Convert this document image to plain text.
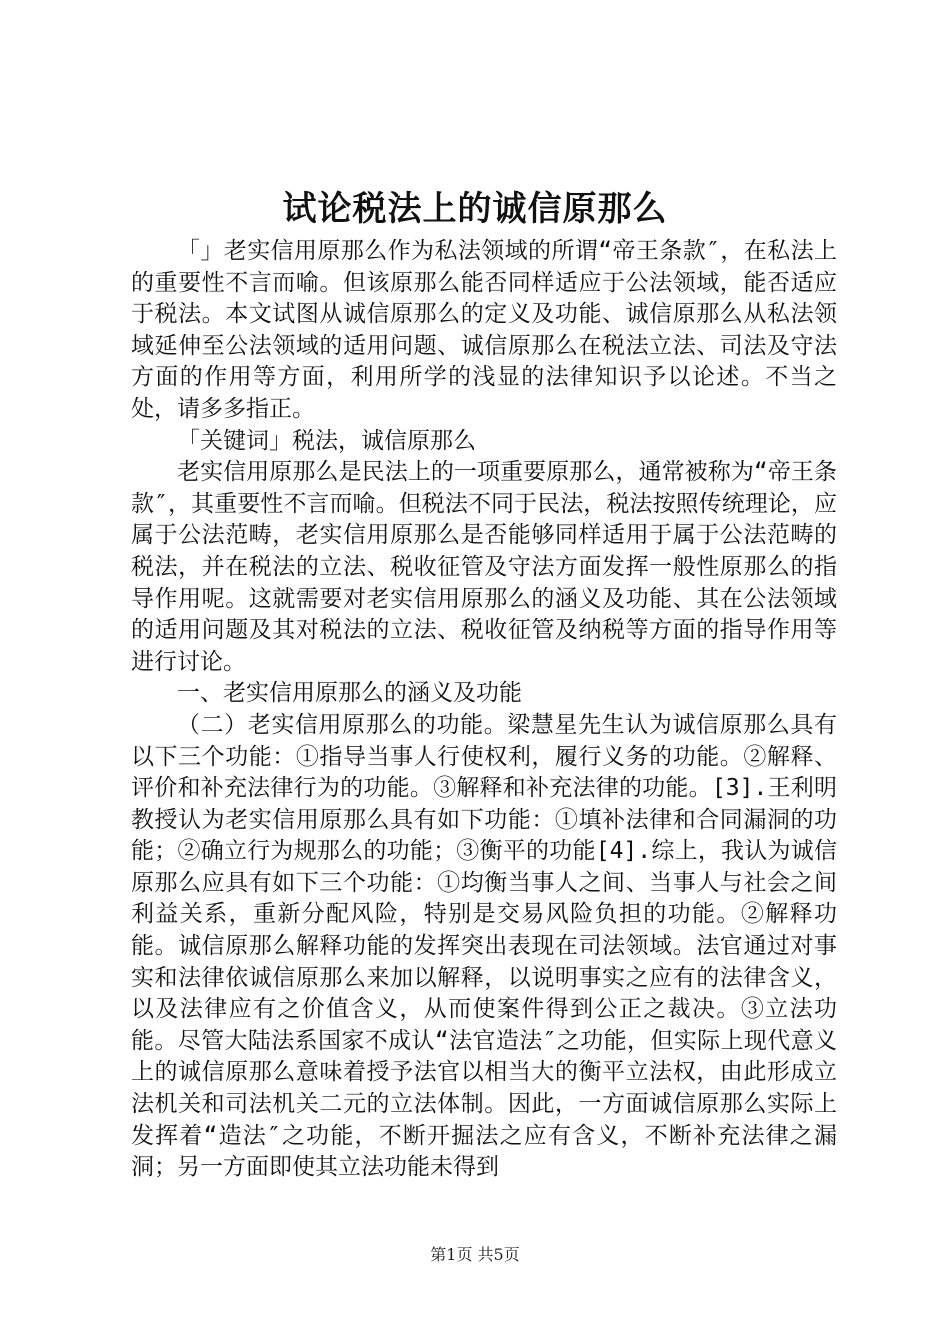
试论税法上的诚信原那么

「」老实信用原那么作为私法领域的所谓“帝王条款″，在私法上的重要性不言而喻。但该原那么能否同样适应于公法领域，能否适应于税法。本文试图从诚信原那么的定义及功能、诚信原那么从私法领域延伸至公法领域的适用问题、诚信原那么在税法立法、司法及守法方面的作用等方面，利用所学的浅显的法律知识予以论述。不当之处，请多多指正。

「关键词」税法，诚信原那么

老实信用原那么是民法上的一项重要原那么，通常被称为“帝王条款″，其重要性不言而喻。但税法不同于民法，税法按照传统理论，应属于公法范畴，老实信用原那么是否能够同样适用于属于公法范畴的税法，并在税法的立法、税收征管及守法方面发挥一般性原那么的指导作用呢。这就需要对老实信用原那么的涵义及功能、其在公法领域的适用问题及其对税法的立法、税收征管及纳税等方面的指导作用等进行讨论。

一、老实信用原那么的涵义及功能

（二）老实信用原那么的功能。梁慧星先生认为诚信原那么具有以下三个功能：①指导当事人行使权利，履行义务的功能。②解释、评价和补充法律行为的功能。③解释和补充法律的功能。[3].王利明教授认为老实信用原那么具有如下功能：①填补法律和合同漏洞的功能；②确立行为规那么的功能；③衡平的功能[4].综上，我认为诚信原那么应具有如下三个功能：①均衡当事人之间、当事人与社会之间利益关系，重新分配风险，特别是交易风险负担的功能。②解释功能。诚信原那么解释功能的发挥突出表现在司法领域。法官通过对事实和法律依诚信原那么来加以解释，以说明事实之应有的法律含义，以及法律应有之价值含义，从而使案件得到公正之裁决。③立法功能。尽管大陆法系国家不成认“法官造法″之功能，但实际上现代意义上的诚信原那么意味着授予法官以相当大的衡平立法权，由此形成立法机关和司法机关二元的立法体制。因此，一方面诚信原那么实际上发挥着“造法″之功能，不断开掘法之应有含义，不断补充法律之漏洞；另一方面即使其立法功能未得到

第1页 共5页
